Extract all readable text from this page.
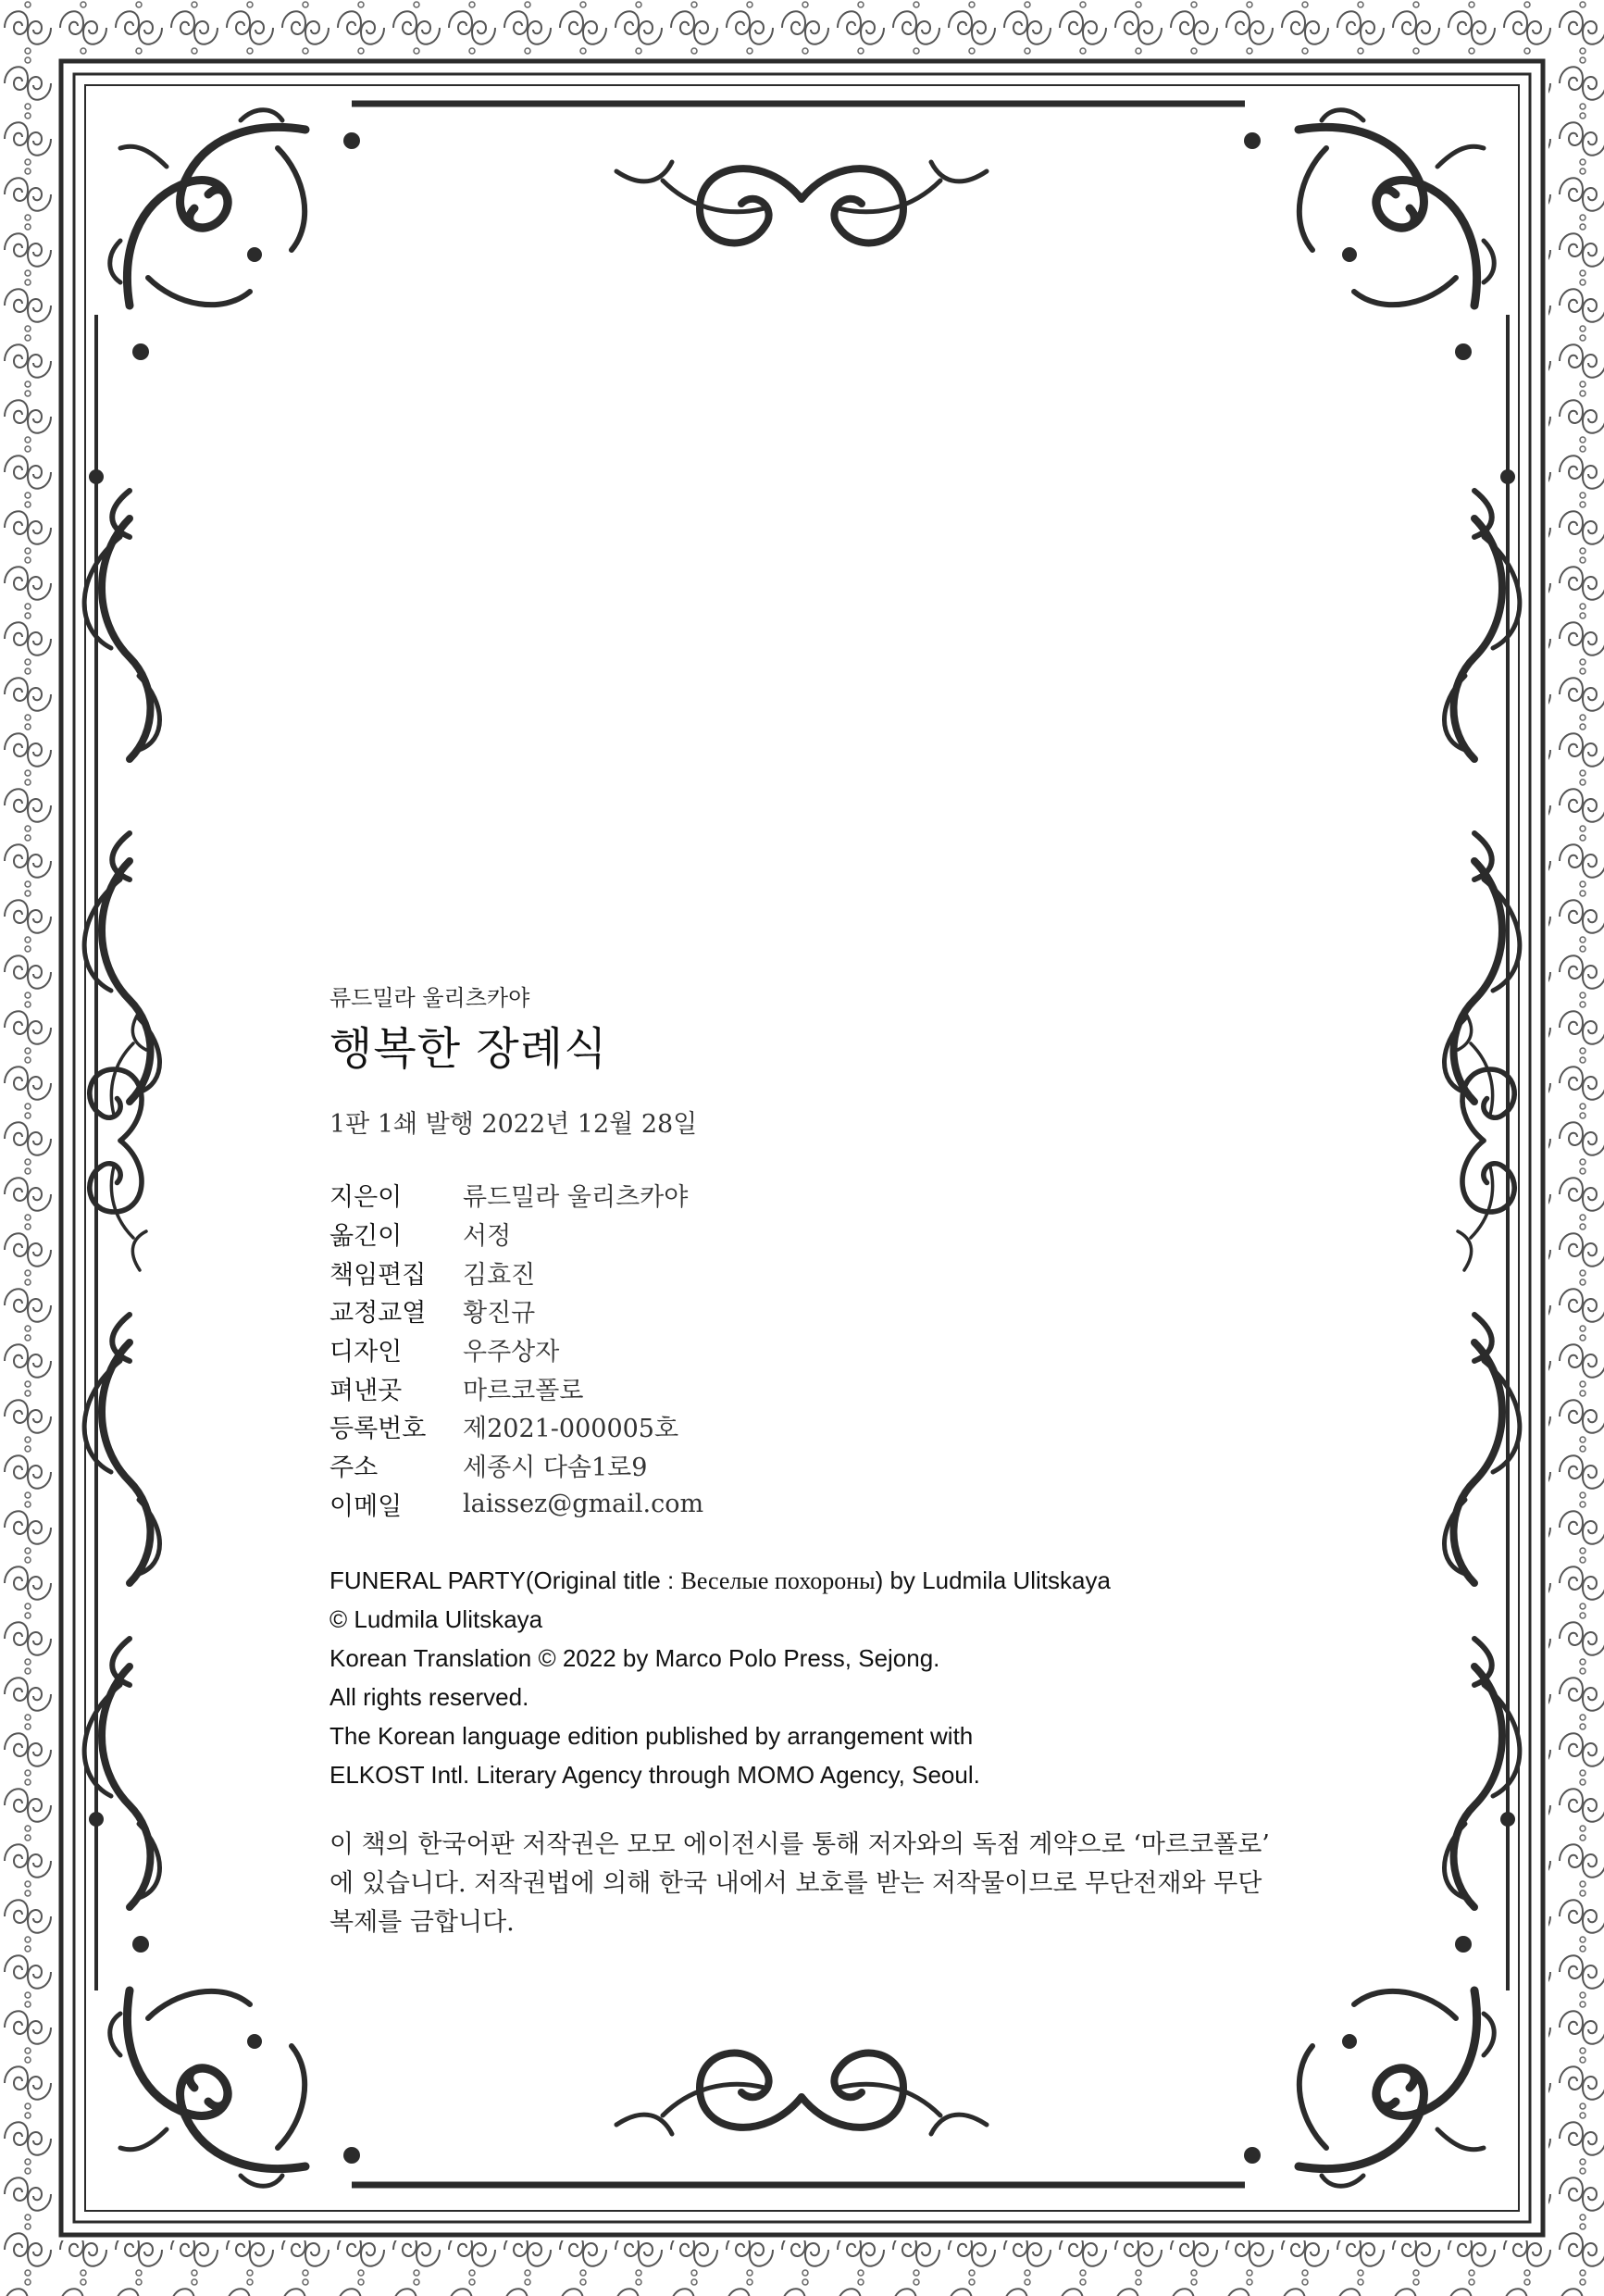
류드밀라 울리츠카야
행복한 장례식
1판 1쇄 발행 2022년 12월 28일
지은이	류드밀라 울리츠카야
옮긴이	서정
책임편집	김효진
교정교열	황진규
디자인	우주상자
펴낸곳	마르코폴로
등록번호	제2021-000005호
주소	세종시 다솜1로9
이메일	laissez@gmail.com
FUNERAL PARTY(Original title : Веселые похороны) by Ludmila Ulitskaya
© Ludmila Ulitskaya
Korean Translation © 2022 by Marco Polo Press, Sejong.
All rights reserved.
The Korean language edition published by arrangement with
ELKOST Intl. Literary Agency through MOMO Agency, Seoul.
이 책의 한국어판 저작권은 모모 에이전시를 통해 저자와의 독점 계약으로 ‘마르코폴로’
에 있습니다. 저작권법에 의해 한국 내에서 보호를 받는 저작물이므로 무단전재와 무단
복제를 금합니다.
